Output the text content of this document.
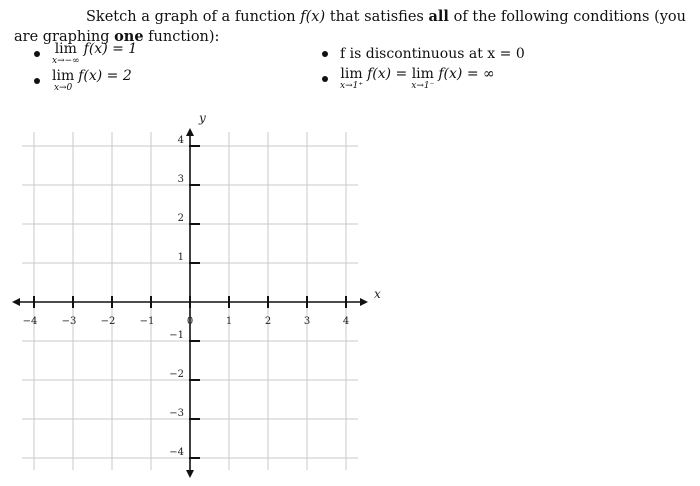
Sketch a graph of a function f(x) that satisfies all of the following conditions (you are graphing one function):
lim
x→−∞
f(x) = 1
lim
x→0
f(x) = 2
f is discontinuous at x = 0
lim
x→1⁺
f(x) = lim
x→1⁻
f(x) = ∞
−4 −3 −2 −1	0	1	2	3	4
4
3
2
1
−1
−2
−3
−4
x
y
